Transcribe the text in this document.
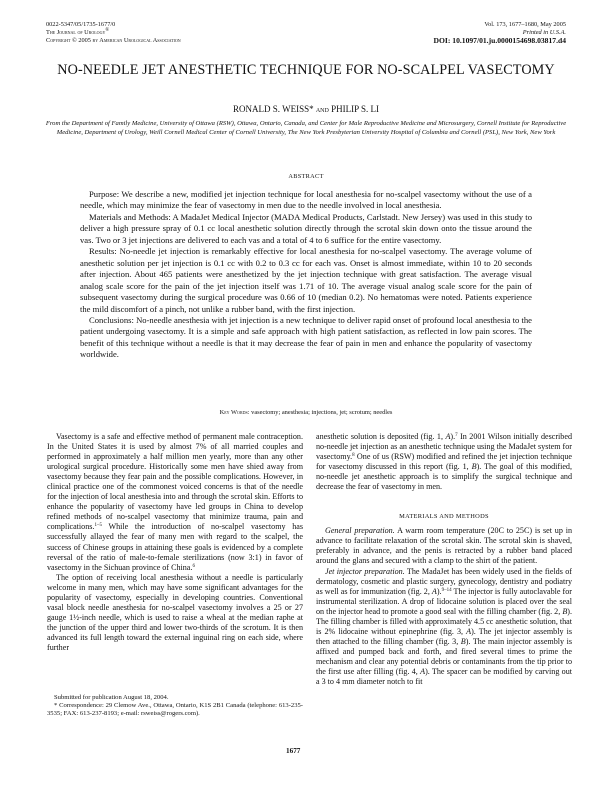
0022-5347/05/1735-1677/0
The Journal of Urology®
Copyright © 2005 by American Urological Association
Vol. 173, 1677–1680, May 2005
Printed in U.S.A.
DOI: 10.1097/01.ju.0000154698.03817.d4
NO-NEEDLE JET ANESTHETIC TECHNIQUE FOR NO-SCALPEL VASECTOMY
RONALD S. WEISS* and PHILIP S. LI
From the Department of Family Medicine, University of Ottawa (RSW), Ottawa, Ontario, Canada, and Center for Male Reproductive Medicine and Microsurgery, Cornell Institute for Reproductive Medicine, Department of Urology, Weill Cornell Medical Center of Cornell University, The New York Presbyterian University Hospital of Columbia and Cornell (PSL), New York, New York
ABSTRACT

Purpose: We describe a new, modified jet injection technique for local anesthesia for no-scalpel vasectomy without the use of a needle, which may minimize the fear of vasectomy in men due to the needle involved in local anesthesia.

Materials and Methods: A MadaJet Medical Injector (MADA Medical Products, Carlstadt. New Jersey) was used in this study to deliver a high pressure spray of 0.1 cc local anesthetic solution directly through the scrotal skin down onto the tissue around the vas. Two or 3 jet injections are delivered to each vas and a total of 4 to 6 suffice for the entire vasectomy.

Results: No-needle jet injection is remarkably effective for local anesthesia for no-scalpel vasectomy. The average volume of anesthetic solution per jet injection is 0.1 cc with 0.2 to 0.3 cc for each vas. Onset is almost immediate, within 10 to 20 seconds after injection. About 465 patients were anesthetized by the jet injection technique with great satisfaction. The average visual analog scale score for the pain of the jet injection itself was 1.71 of 10. The average visual analog scale score for the pain of subsequent vasectomy during the surgical procedure was 0.66 of 10 (median 0.2). No hematomas were noted. Patients experience the mild discomfort of a pinch, not unlike a rubber band, with the first injection.

Conclusions: No-needle anesthesia with jet injection is a new technique to deliver rapid onset of profound local anesthesia to the patient undergoing vasectomy. It is a simple and safe approach with high patient satisfaction, as reflected in low pain scores. The benefit of this technique without a needle is that it may decrease the fear of pain in men and enhance the popularity of vasectomy worldwide.

Key Words: vasectomy; anesthesia; injections, jet; scrotum; needles

Vasectomy is a safe and effective method of permanent male contraception. In the United States it is used by almost 7% of all married couples and performed in approximately a half million men yearly, more than any other urological surgical procedure. Historically some men have shied away from vasectomy because they fear pain and the possible complications. However, in clinical practice one of the commonest voiced concerns is that of the needle for the injection of local anesthesia into and through the scrotal skin. Efforts to enhance the popularity of vasectomy have led groups in China to develop refined methods of no-scalpel vasectomy that minimize trauma, pain and complications.$^{1-5}$ While the introduction of no-scalpel vasectomy has successfully allayed the fear of many men with regard to the scalpel, the success of Chinese groups in attaining these goals is evidenced by a complete reversal of the ratio of male-to-female sterilizations (now 3:1) in favor of vasectomy in the Sichuan province of China.$^6$

The option of receiving local anesthesia without a needle is particularly welcome in many men, which may have some significant advantages for the popularity of vasectomy, especially in developing countries. Conventional vasal block needle anesthesia for no-scalpel vasectomy involves a 25 or 27 gauge 1½-inch needle, which is used to raise a wheal at the median raphe at the junction of the upper third and lower two-thirds of the scrotum. It is then advanced its full length toward the external inguinal ring on each side, where further

Submitted for publication August 18, 2004.

* Correspondence: 29 Clemow Ave., Ottawa, Ontario, K1S 2B1 Canada (telephone: 613-235-3535; FAX: 613-237-8193; e-mail: rsweiss@rogers.com).

anesthetic solution is deposited (fig. 1, A).$^7$ In 2001 Wilson initially described no-needle jet injection as an anesthetic technique using the MadaJet system for vasectomy.$^8$ One of us (RSW) modified and refined the jet injection technique for vasectomy discussed in this report (fig. 1, B). The goal of this modified, no-needle jet anesthetic approach is to simplify the surgical technique and decrease the fear of vasectomy in men.

MATERIALS AND METHODS

General preparation. A warm room temperature (20C to 25C) is set up in advance to facilitate relaxation of the scrotal skin. The scrotal skin is shaved, preferably in advance, and the penis is retracted by a rubber band placed around the glans and secured with a clamp to the shirt of the patient.

Jet injector preparation. The MadaJet has been widely used in the fields of dermatology, cosmetic and plastic surgery, gynecology, dentistry and podiatry as well as for immunization (fig. 2, A).$^{9-14}$ The injector is fully autoclavable for instrumental sterilization. A drop of lidocaine solution is placed over the seal on the injector head to promote a good seal with the filling chamber (fig. 2, B). The filling chamber is filled with approximately 4.5 cc anesthetic solution, that is 2% lidocaine without epinephrine (fig. 3, A). The jet injector assembly is then attached to the filling chamber (fig. 3, B). The main injector assembly is affixed and pumped back and forth, and fired several times to prime the mechanism and clear any potential debris or contaminants from the tip prior to the first use after filling (fig. 4, A). The spacer can be modified by carving out a 3 to 4 mm diameter notch to fit

1677
